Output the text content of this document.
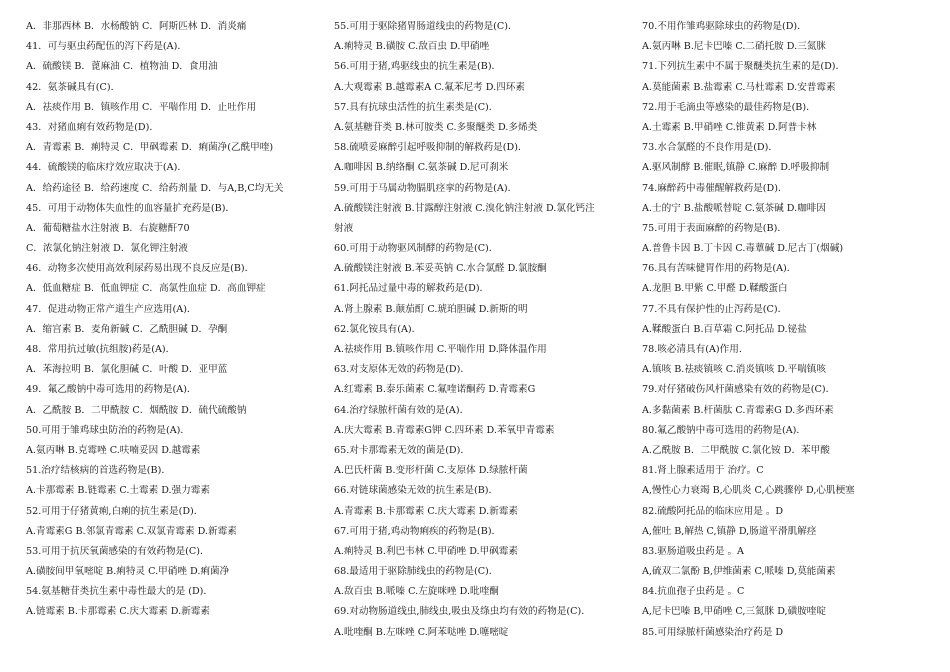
A．非那西林 B．水杨酸钠 C．阿斯匹林 D．消炎痛
41．可与驱虫药配伍的泻下药是(A)．
A．硫酸镁 B．蓖麻油 C．植物油 D．食用油
42．氨茶碱具有(C)．
A．祛痰作用 B．镇咳作用 C．平喘作用 D．止吐作用
43．对猪血痢有效药物是(D)．
A．青霉素 B．痢特灵 C．甲砜霉素 D．痢菌净(乙酰甲喹)
44．硫酸镁的临床疗效应取决于(A)．
A．给药途径 B．给药速度 C．给药剂量 D．与A,B,C均无关
45．可用于动物体失血性的血容量扩充药是(B)．
A．葡萄糖盐水注射液 B．右旋糖酐70
C．浓氯化钠注射液 D．氯化钾注射液
46．动物多次使用高效利尿药易出现不良反应是(B)．
A．低血糖症 B．低血钾症 C．高氯性血症 D．高血钾症
47．促进动物正常产道生产应选用(A)．
A．缩宫素 B．麦角新碱 C．乙酰胆碱 D．孕酮
48．常用抗过敏(抗组胺)药是(A)．
A．苯海拉明 B．氯化胆碱 C．叶酸 D．亚甲蓝
49．氟乙酸钠中毒可选用的药物是(A)．
A．乙酰胺 B．二甲酰胺 C．烟酰胺 D．硫代硫酸钠
50.可用于雏鸡球虫防治的药物是(A)．
A.氨丙啉 B.克霉唑 C.呋喃妥因 D.越霉素
51.治疗结核病的首选药物是(B)．
A.卡那霉素 B.链霉素 C.土霉素 D.强力霉素
52.可用于仔猪黄痢,白痢的抗生素是(D)．
A.青霉素G B.邻氯青霉素 C.双氯青霉素 D.新霉素
53.可用于抗厌氧菌感染的有效药物是(C)．
A.磺胺间甲氧嘧啶 B.痢特灵 C.甲硝唑 D.痢菌净
54.氨基糖苷类抗生素中毒性最大的是 (D)．
A.链霉素 B.卡那霉素 C.庆大霉素 D.新霉素
55.可用于驱除猪胃肠道线虫的药物是(C)．
A.痢特灵 B.磺胺 C.敌百虫 D.甲硝唑
56.可用于猪,鸡驱线虫的抗生素是(B)．
A.大观霉素 B.越霉素A C.氟苯尼考 D.四环素
57.具有抗球虫活性的抗生素类是(C)．
A.氨基糖苷类 B.林可胺类 C.多聚醚类 D.多烯类
58.硫喷妥麻醉引起呼吸抑制的解救药是(D)．
A.咖啡因 B.纳络酮 C.氨茶碱 D.尼可刹米
59.可用于马属动物膈肌痉挛的药物是(A)．
A.硫酸镁注射液 B.甘露醇注射液 C.溴化钠注射液 D.氯化钙注
射液
60.可用于动物驱风制酵的药物是(C)．
A.硫酸镁注射液 B.苯妥英钠 C.水合氯醛 D.氯胺酮
61.阿托品过量中毒的解救药是(D)．
A.肾上腺素 B.颠茄酊 C.琥珀胆碱 D.新斯的明
62.氯化铵具有(A)．
A.祛痰作用 B.镇咳作用 C.平喘作用 D.降体温作用
63.对支原体无效的药物是(D)．
A.红霉素 B.泰乐菌素 C.氟喹诺酮药 D.青霉素G
64.治疗绿脓杆菌有效的是(A)．
A.庆大霉素 B.青霉素G钾 C.四环素 D.苯氧甲青霉素
65.对卡那霉素无效的菌是(D)．
A.巴氏杆菌 B.变形杆菌 C.支原体 D.绿脓杆菌
66.对链球菌感染无效的抗生素是(B)．
A.青霉素 B.卡那霉素 C.庆大霉素 D.新霉素
67.可用于猪,鸡动物痢疾的药物是(B)．
A.痢特灵 B.利巴韦林 C.甲硝唑 D.甲砜霉素
68.最适用于驱除肺线虫的药物是(C)．
A.敌百虫 B.哌嗪 C.左旋咪唑 D.吡喹酮
69.对动物肠道线虫,肺线虫,吸虫及绦虫均有效的药物是(C)．
A.吡喹酮 B.左咪唑 C.阿苯哒唑 D.噻嘧啶
70.不用作雏鸡驱除球虫的药物是(D)．
A.氨丙啉 B.尼卡巴嗪 C.二硝托胺 D.三氮脒
71.下列抗生素中不属于聚醚类抗生素的是(D)．
A.莫能菌素 B.盐霉素 C.马杜霉素 D.安普霉素
72.用于毛滴虫等感染的最佳药物是(B)．
A.土霉素 B.甲硝唑 C.锥黄素 D.阿普卡林
73.水合氯醛的不良作用是(D)．
A.驱风制酵 B.催眠,镇静 C.麻醉 D.呼吸抑制
74.麻醉药中毒催醒解救药是(D)．
A.士的宁 B.盐酸哌替啶 C.氨茶碱 D.咖啡因
75.可用于表面麻醉的药物是(B)．
A.普鲁卡因 B.丁卡因 C.毒蕈碱 D.尼古丁(烟碱)
76.具有苦味健胃作用的药物是(A)．
A.龙胆 B.甲紫 C.甲醛 D.鞣酸蛋白
77.不具有保护性的止泻药是(C)．
A.鞣酸蛋白 B.百草霜 C.阿托品 D.铋盐
78.咳必清具有(A)作用.
A.镇咳 B.祛痰镇咳 C.消炎镇咳 D.平喘镇咳
79.对仔猪破伤风杆菌感染有效的药物是(C)．
A.多黏菌素 B.杆菌肽 C.青霉素G D.多西环素
80.氟乙酸钠中毒可选用的药物是(A)．
A.乙酰胺 B．二甲酰胺 C.氯化铵 D．苯甲酸
81.肾上腺素适用于 治疗。C
A,慢性心力衰竭 B,心肌炎 C,心跳骤停 D,心肌梗塞
82.硫酸阿托品的临床应用是 。D
A,催吐 B,解热 C,镇静 D,肠道平滑肌解痉
83.驱肠道吸虫药是 。A
A,硫双二氯酚 B,伊维菌素 C,哌嗪 D,莫能菌素
84.抗血孢子虫药是 。C
A,尼卡巴嗪 B,甲硝唑 C,三氮脒 D,磺胺喹啶
85.可用绿脓杆菌感染治疗药是 D
